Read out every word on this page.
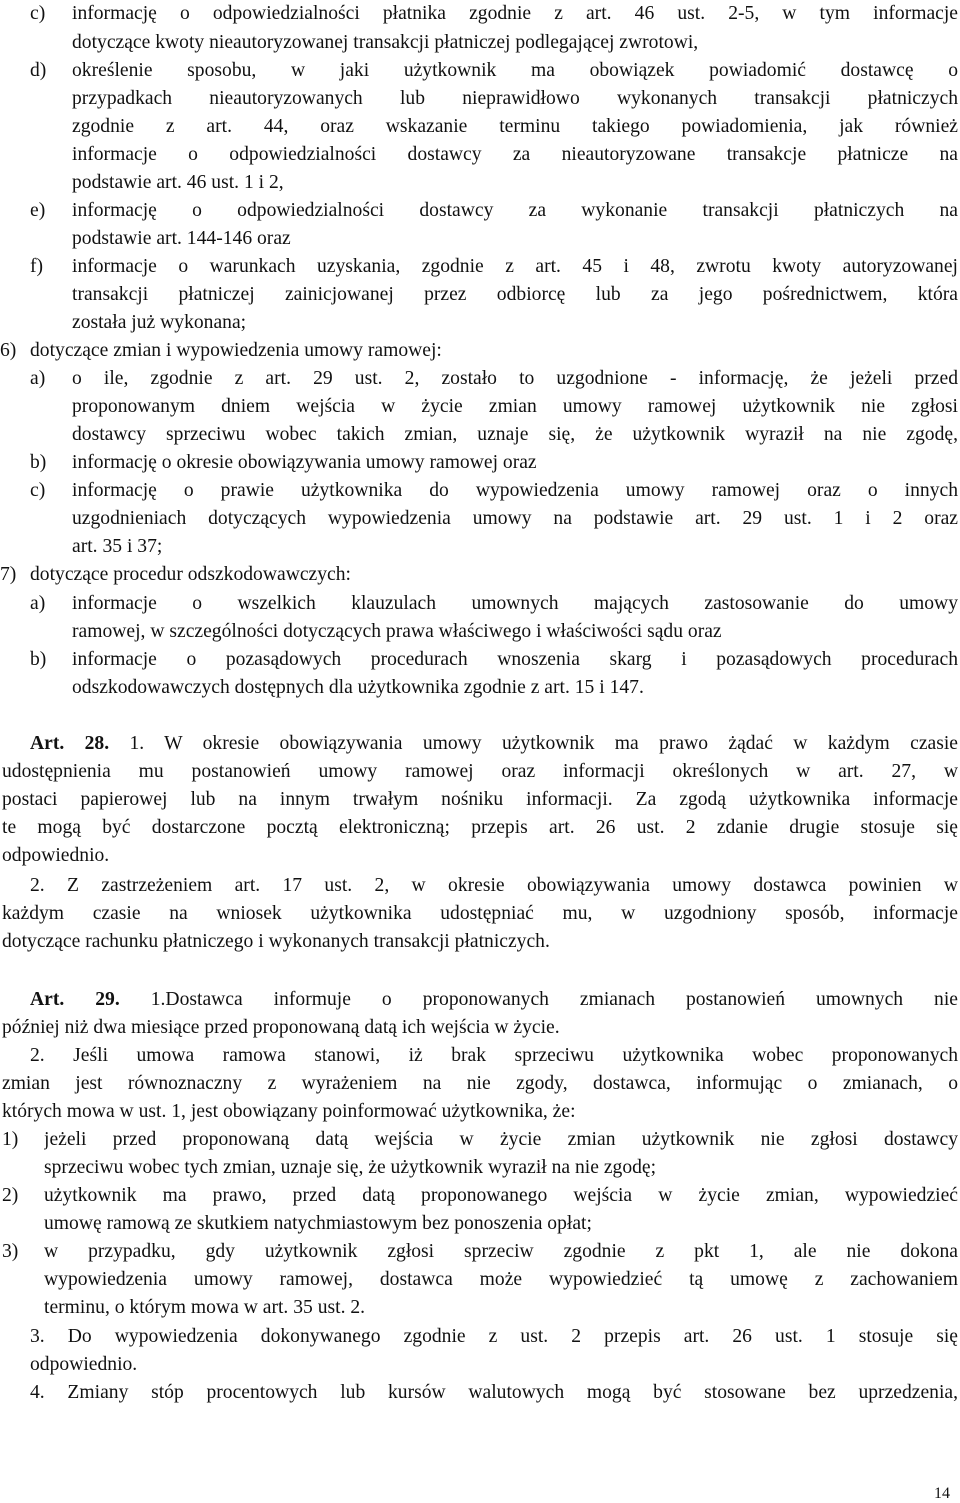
c) informację o odpowiedzialności płatnika zgodnie z art. 46 ust. 2-5, w tym informacje
dotyczące kwoty nieautoryzowanej transakcji płatniczej podlegającej zwrotowi,
d) określenie sposobu, w jaki użytkownik ma obowiązek powiadomić dostawcę o
przypadkach nieautoryzowanych lub nieprawidłowo wykonanych transakcji płatniczych
zgodnie z art. 44, oraz wskazanie terminu takiego powiadomienia, jak również
informacje o odpowiedzialności dostawcy za nieautoryzowane transakcje płatnicze na
podstawie art. 46 ust. 1 i 2,
e) informację o odpowiedzialności dostawcy za wykonanie transakcji płatniczych na
podstawie art. 144-146 oraz
f) informacje o warunkach uzyskania, zgodnie z art. 45 i 48, zwrotu kwoty autoryzowanej
transakcji płatniczej zainicjowanej przez odbiorcę lub za jego pośrednictwem, która
została już wykonana;
6) dotyczące zmian i wypowiedzenia umowy ramowej:
a) o ile, zgodnie z art. 29 ust. 2, zostało to uzgodnione - informację, że jeżeli przed
proponowanym dniem wejścia w życie zmian umowy ramowej użytkownik nie zgłosi
dostawcy sprzeciwu wobec takich zmian, uznaje się, że użytkownik wyraził na nie zgodę,
b) informację o okresie obowiązywania umowy ramowej oraz
c) informację o prawie użytkownika do wypowiedzenia umowy ramowej oraz o innych
uzgodnieniach dotyczących wypowiedzenia umowy na podstawie art. 29 ust. 1 i 2 oraz
art. 35 i 37;
7) dotyczące procedur odszkodowawczych:
a) informacje o wszelkich klauzulach umownych mających zastosowanie do umowy
ramowej, w szczególności dotyczących prawa właściwego i właściwości sądu oraz
b) informacje o pozasądowych procedurach wnoszenia skarg i pozasądowych procedurach
odszkodowawczych dostępnych dla użytkownika zgodnie z art. 15 i 147.
Art. 28. 1. W okresie obowiązywania umowy użytkownik ma prawo żądać w każdym czasie
udostępnienia mu postanowień umowy ramowej oraz informacji określonych w art. 27, w
postaci papierowej lub na innym trwałym nośniku informacji. Za zgodą użytkownika informacje
te mogą być dostarczone pocztą elektroniczną; przepis art. 26 ust. 2 zdanie drugie stosuje się
odpowiednio.
2. Z zastrzeżeniem art. 17 ust. 2, w okresie obowiązywania umowy dostawca powinien w
każdym czasie na wniosek użytkownika udostępniać mu, w uzgodniony sposób, informacje
dotyczące rachunku płatniczego i wykonanych transakcji płatniczych.
Art. 29. 1.Dostawca informuje o proponowanych zmianach postanowień umownych nie
później niż dwa miesiące przed proponowaną datą ich wejścia w życie.
2. Jeśli umowa ramowa stanowi, iż brak sprzeciwu użytkownika wobec proponowanych
zmian jest równoznaczny z wyrażeniem na nie zgody, dostawca, informując o zmianach, o
których mowa w ust. 1, jest obowiązany poinformować użytkownika, że:
1) jeżeli przed proponowaną datą wejścia w życie zmian użytkownik nie zgłosi dostawcy
sprzeciwu wobec tych zmian, uznaje się, że użytkownik wyraził na nie zgodę;
2) użytkownik ma prawo, przed datą proponowanego wejścia w życie zmian, wypowiedzieć
umowę ramową ze skutkiem natychmiastowym bez ponoszenia opłat;
3) w przypadku, gdy użytkownik zgłosi sprzeciw zgodnie z pkt 1, ale nie dokona
wypowiedzenia umowy ramowej, dostawca może wypowiedzieć tą umowę z zachowaniem
terminu, o którym mowa w art. 35 ust. 2.
3. Do wypowiedzenia dokonywanego zgodnie z ust. 2 przepis art. 26 ust. 1 stosuje się
odpowiednio.
4. Zmiany stóp procentowych lub kursów walutowych mogą być stosowane bez uprzedzenia,
14
